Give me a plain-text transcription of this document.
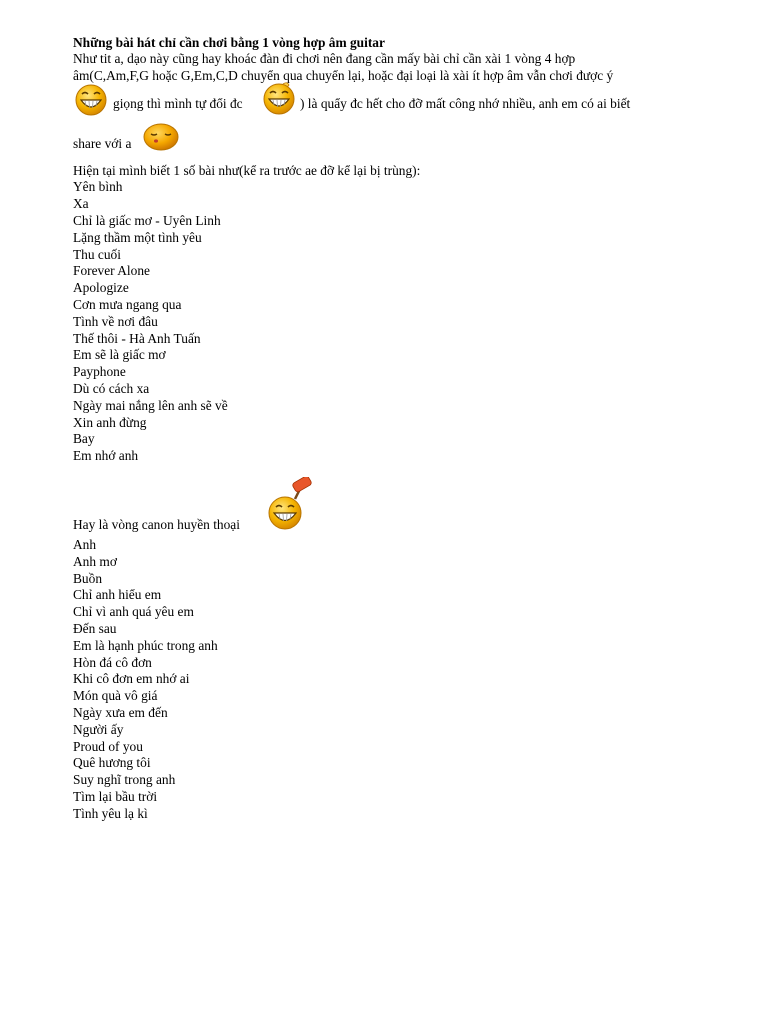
Những bài hát chỉ cần chơi bằng 1 vòng hợp âm guitar
Như tit a, dạo này cũng hay khoác đàn đi chơi nên đang cần mấy bài chỉ cần xài 1 vòng 4 hợp
âm(C,Am,F,G hoặc G,Em,C,D chuyển qua chuyển lại, hoặc đại loại là xài ít hợp âm vẫn chơi được ý
giọng thì mình tự đổi đc	) là quẩy đc hết cho đỡ mất công nhớ nhiều, anh em có ai biết
share với a
Hiện tại mình biết 1 số bài như(kể ra trước ae đỡ kể lại bị trùng):
Yên bình
Xa
Chỉ là giấc mơ - Uyên Linh
Lặng thầm một tình yêu
Thu cuối
Forever Alone
Apologize
Cơn mưa ngang qua
Tình về nơi đâu
Thế thôi - Hà Anh Tuấn
Em sẽ là giấc mơ
Payphone
Dù có cách xa
Ngày mai nắng lên anh sẽ về
Xin anh đừng
Bay
Em nhớ anh
Hay là vòng canon huyền thoại
Anh
Anh mơ
Buồn
Chỉ anh hiểu em
Chỉ vì anh quá yêu em
Đến sau
Em là hạnh phúc trong anh
Hòn đá cô đơn
Khi cô đơn em nhớ ai
Món quà vô giá
Ngày xưa em đến
Người ấy
Proud of you
Quê hương tôi
Suy nghĩ trong anh
Tìm lại bầu trời
Tình yêu lạ kì
